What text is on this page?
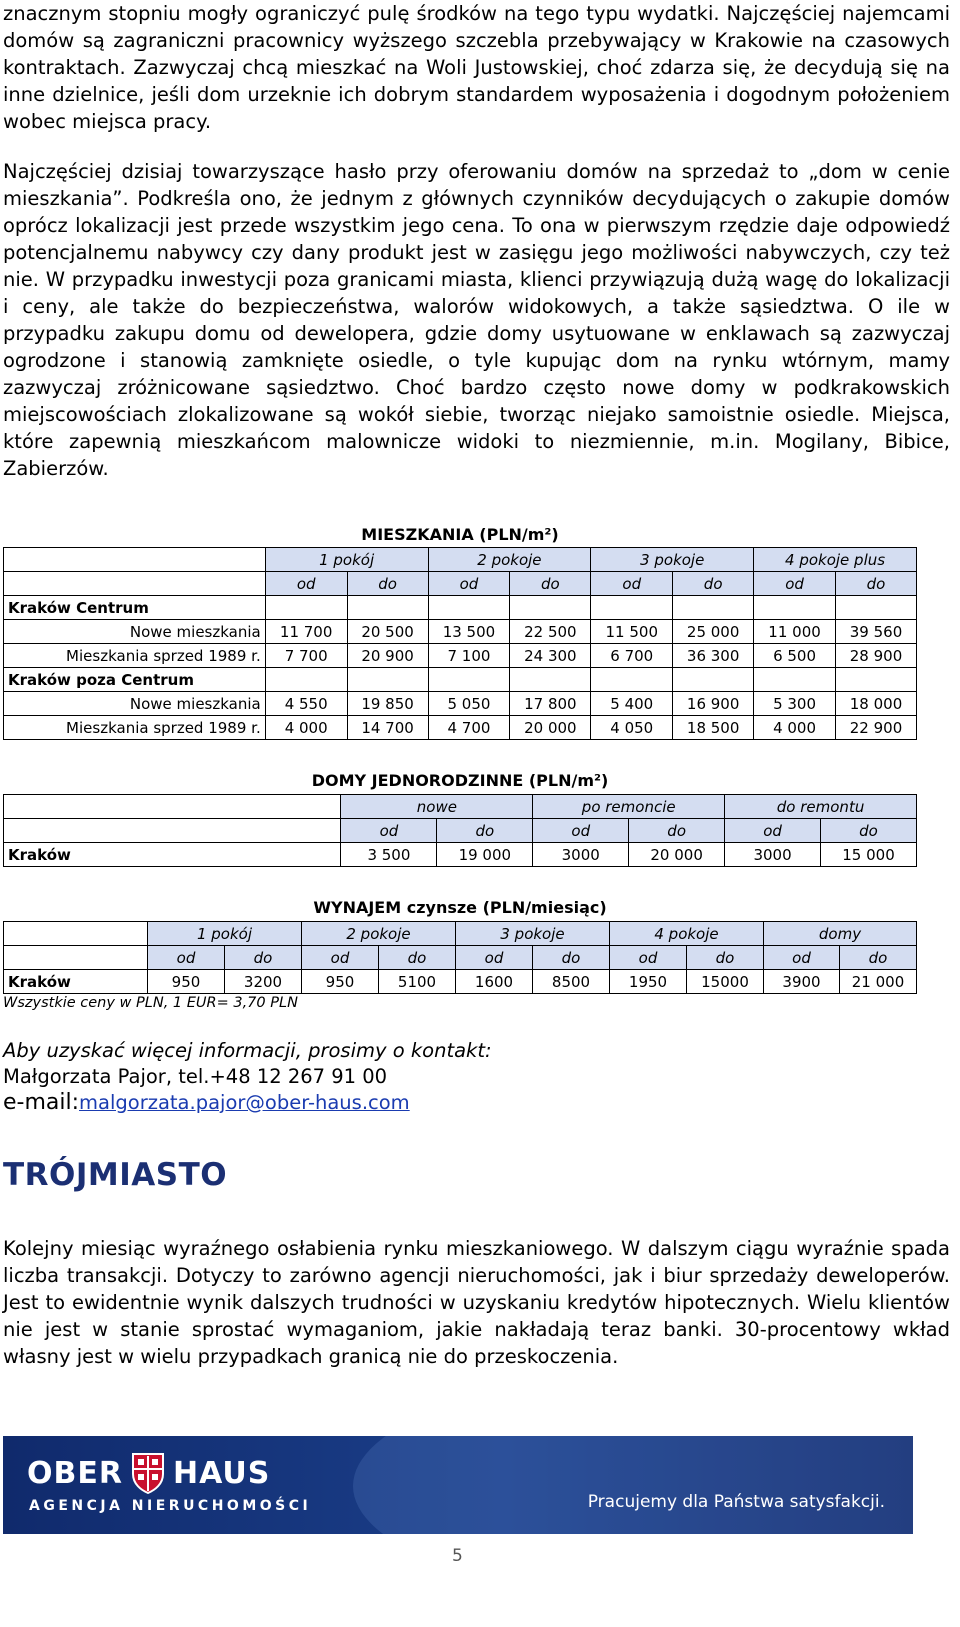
znacznym stopniu mogły ograniczyć pulę środków na tego typu wydatki. Najczęściej najemcami domów są zagraniczni pracownicy wyższego szczebla przebywający w Krakowie na czasowych kontraktach. Zazwyczaj chcą mieszkać na Woli Justowskiej, choć zdarza się, że decydują się na inne dzielnice, jeśli dom urzeknie ich dobrym standardem wyposażenia i dogodnym położeniem wobec miejsca pracy.

Najczęściej dzisiaj towarzyszące hasło przy oferowaniu domów na sprzedaż to „dom w cenie mieszkania”. Podkreśla ono, że jednym z głównych czynników decydujących o zakupie domów oprócz lokalizacji jest przede wszystkim jego cena. To ona w pierwszym rzędzie daje odpowiedź potencjalnemu nabywcy czy dany produkt jest w zasięgu jego możliwości nabywczych, czy też nie. W przypadku inwestycji poza granicami miasta, klienci przywiązują dużą wagę do lokalizacji i ceny, ale także do bezpieczeństwa, walorów widokowych, a także sąsiedztwa. O ile w przypadku zakupu domu od dewelopera, gdzie domy usytuowane w enklawach są zazwyczaj ogrodzone i stanowią zamknięte osiedle, o tyle kupując dom na rynku wtórnym, mamy zazwyczaj zróżnicowane sąsiedztwo. Choć bardzo często nowe domy w podkrakowskich miejscowościach zlokalizowane są wokół siebie, tworząc niejako samoistnie osiedle. Miejsca, które zapewnią mieszkańcom malownicze widoki to niezmiennie, m.in. Mogilany, Bibice, Zabierzów.

MIESZKANIA (PLN/m²)
	1 pokój		2 pokoje		3 pokoje		4 pokoje plus	
	od	do	od	do	od	do	od	do
Kraków Centrum								
Nowe mieszkania	11 700	20 500	13 500	22 500	11 500	25 000	11 000	39 560
Mieszkania sprzed 1989 r.	7 700	20 900	7 100	24 300	6 700	36 300	6 500	28 900
Kraków poza Centrum								
Nowe mieszkania	4 550	19 850	5 050	17 800	5 400	16 900	5 300	18 000
Mieszkania sprzed 1989 r.	4 000	14 700	4 700	20 000	4 050	18 500	4 000	22 900
DOMY JEDNORODZINNE (PLN/m²)
	nowe		po remoncie		do remontu	
	od	do	od	do	od	do
Kraków	3 500	19 000	3000	20 000	3000	15 000
WYNAJEM czynsze (PLN/miesiąc)
	1 pokój		2 pokoje		3 pokoje		4 pokoje		domy	
	od	do	od	do	od	do	od	do	od	do
Kraków	950	3200	950	5100	1600	8500	1950	15000	3900	21 000
Wszystkie ceny w PLN, 1 EUR= 3,70 PLN
Aby uzyskać więcej informacji, prosimy o kontakt:
Małgorzata Pajor, tel.+48 12 267 91 00
e-mail:malgorzata.pajor@ober-haus.com
TRÓJMIASTO

Kolejny miesiąc wyraźnego osłabienia rynku mieszkaniowego. W dalszym ciągu wyraźnie spada liczba transakcji. Dotyczy to zarówno agencji nieruchomości, jak i biur sprzedaży deweloperów. Jest to ewidentnie wynik dalszych trudności w uzyskaniu kredytów hipotecznych. Wielu klientów nie jest w stanie sprostać wymaganiom, jakie nakładają teraz banki. 30-procentowy wkład własny jest w wielu przypadkach granicą nie do przeskoczenia.

OBER HAUS
AGENCJA NIERUCHOMOŚCI	Pracujemy dla Państwa satysfakcji.
5
